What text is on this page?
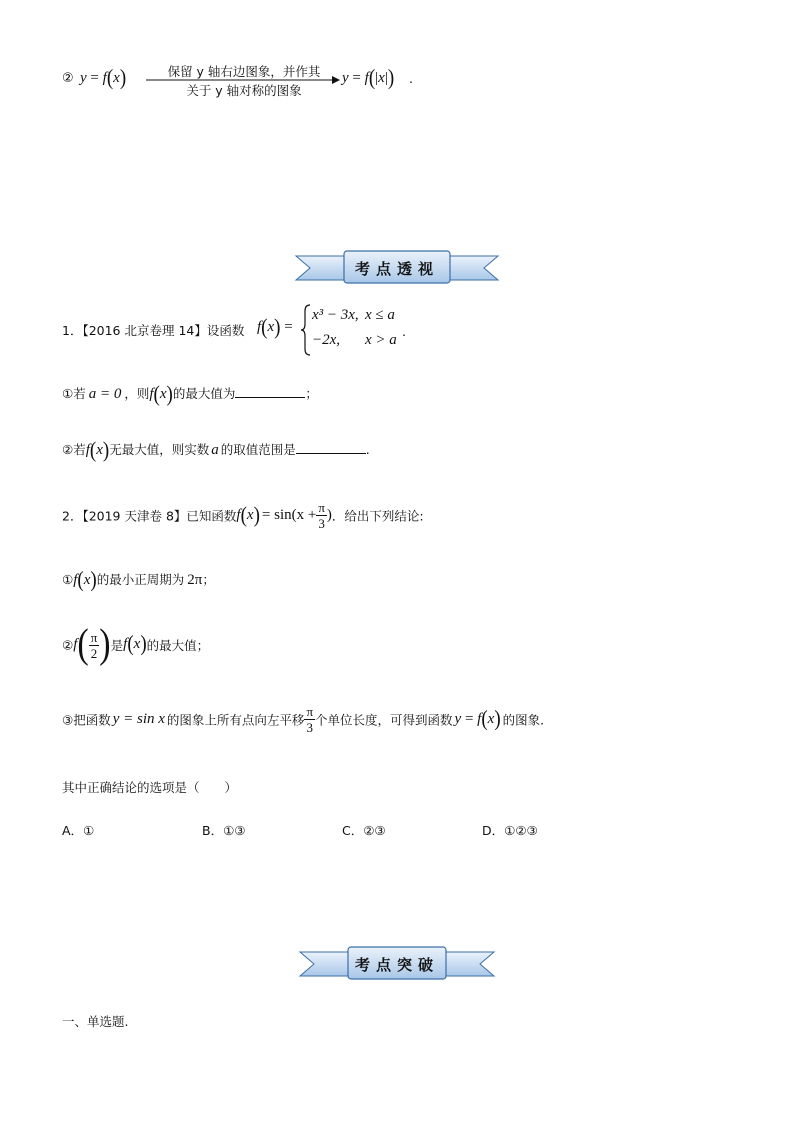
② y = f(x)	保留 y 轴右边图象，并作其
关于 y 轴对称的图象
y = f(|x|) .
考点透视
1．【2016 北京卷理 14】设函数 f(x) =
x³ − 3x, x ≤ a
−2x, x > a
.
①若 a = 0 ，则f(x)的最大值为	；
②若f(x)无最大值，则实数 a 的取值范围是	.
2．【2019 天津卷 8】已知函数$f(x) = \sin(x + \frac{\pi}{3}$ )．给出下列结论:
①f(x)的最小正周期为 2π；
②f( $\frac{\pi}{2}$ )是f(x)的最大值；
③把函数 y = sin x 的图象上所有点向左平移 $\frac{\pi}{3}$ 个单位长度，可得到函数 y = f(x) 的图象.
其中正确结论的选项是（　　）
A．①	B．①③	C．②③	D．①②③
考点突破
一、单选题.
